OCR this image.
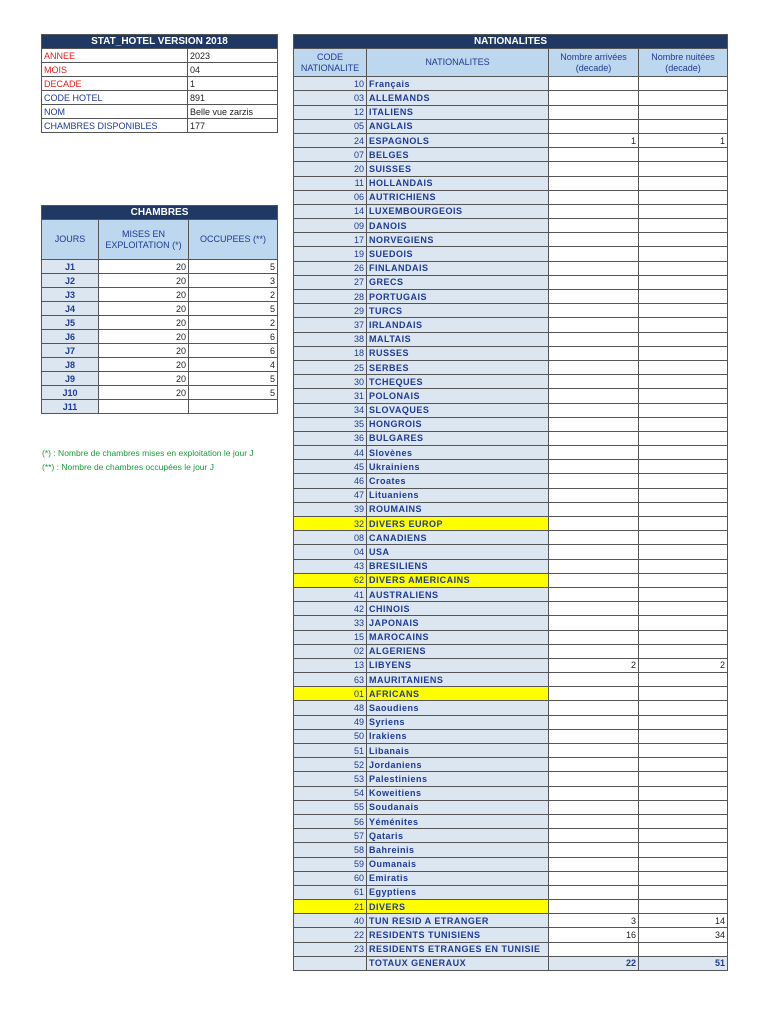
STAT_HOTEL VERSION 2018	
ANNEE	2023
MOIS	04
DECADE	1
CODE HOTEL	891
NOM	Belle vue zarzis
CHAMBRES DISPONIBLES	177
CHAMBRES		
JOURS	MISES EN EXPLOITATION (*)	OCCUPEES (**)
J1	20	5
J2	20	3
J3	20	2
J4	20	5
J5	20	2
J6	20	6
J7	20	6
J8	20	4
J9	20	5
J10	20	5
J11		
(*) : Nombre de chambres mises en exploitation le jour J
(**) : Nombre de chambres occupées le jour J
NATIONALITES			
CODE NATIONALITE	NATIONALITES	Nombre arrivées (decade)	Nombre nuitées (decade)
10	Français		
03	ALLEMANDS		
12	ITALIENS		
05	ANGLAIS		
24	ESPAGNOLS	1	1
07	BELGES		
20	SUISSES		
11	HOLLANDAIS		
06	AUTRICHIENS		
14	LUXEMBOURGEOIS		
09	DANOIS		
17	NORVEGIENS		
19	SUEDOIS		
26	FINLANDAIS		
27	GRECS		
28	PORTUGAIS		
29	TURCS		
37	IRLANDAIS		
38	MALTAIS		
18	RUSSES		
25	SERBES		
30	TCHEQUES		
31	POLONAIS		
34	SLOVAQUES		
35	HONGROIS		
36	BULGARES		
44	Slovènes		
45	Ukrainiens		
46	Croates		
47	Lituaniens		
39	ROUMAINS		
32	DIVERS EUROP		
08	CANADIENS		
04	USA		
43	BRESILIENS		
62	DIVERS AMERICAINS		
41	AUSTRALIENS		
42	CHINOIS		
33	JAPONAIS		
15	MAROCAINS		
02	ALGERIENS		
13	LIBYENS	2	2
63	MAURITANIENS		
01	AFRICANS		
48	Saoudiens		
49	Syriens		
50	Irakiens		
51	Libanais		
52	Jordaniens		
53	Palestiniens		
54	Koweitiens		
55	Soudanais		
56	Yéménites		
57	Qataris		
58	Bahreinis		
59	Oumanais		
60	Emiratis		
61	Egyptiens		
21	DIVERS		
40	TUN RESID A ETRANGER	3	14
22	RESIDENTS TUNISIENS	16	34
23	RESIDENTS ETRANGES EN TUNISIE		
	TOTAUX GENERAUX	22	51
